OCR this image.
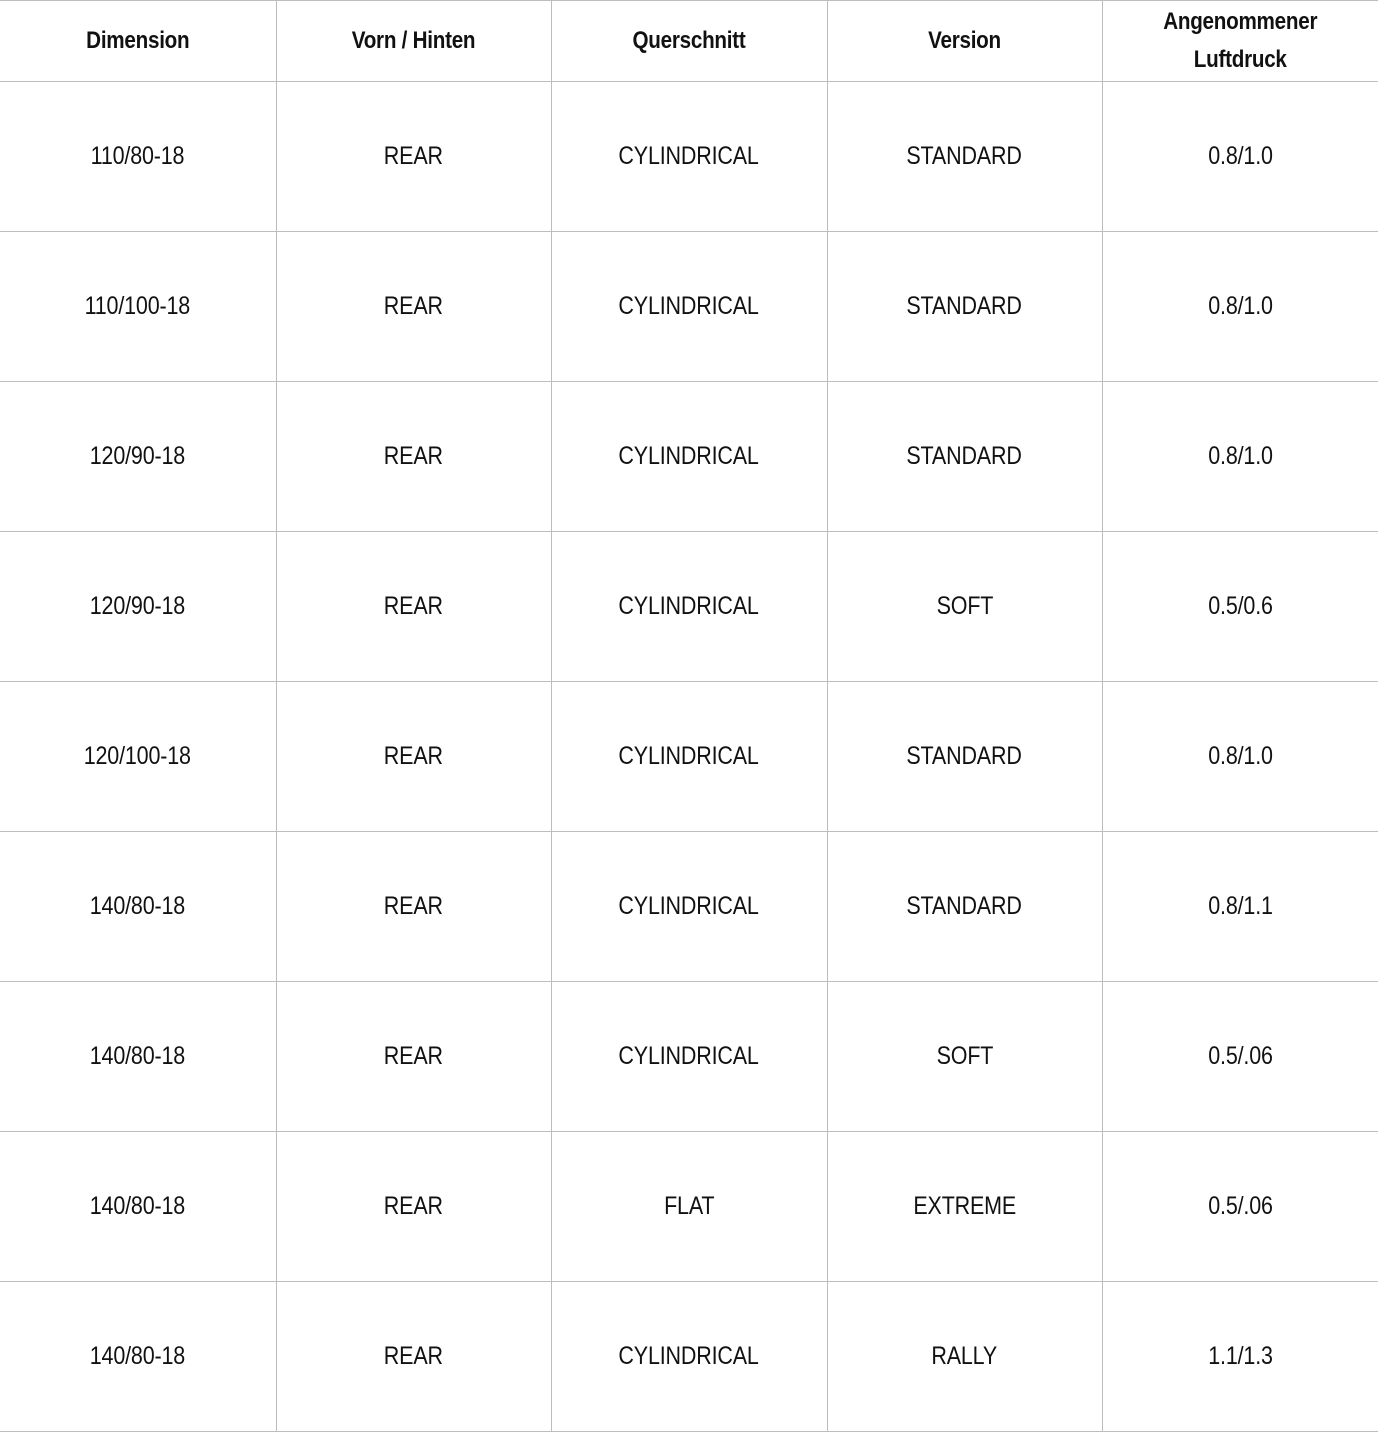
Dimension	Vorn / Hinten	Querschnitt	Version	Angenommener Luftdruck
110/80-18	REAR	CYLINDRICAL	STANDARD	0.8/1.0
110/100-18	REAR	CYLINDRICAL	STANDARD	0.8/1.0
120/90-18	REAR	CYLINDRICAL	STANDARD	0.8/1.0
120/90-18	REAR	CYLINDRICAL	SOFT	0.5/0.6
120/100-18	REAR	CYLINDRICAL	STANDARD	0.8/1.0
140/80-18	REAR	CYLINDRICAL	STANDARD	0.8/1.1
140/80-18	REAR	CYLINDRICAL	SOFT	0.5/.06
140/80-18	REAR	FLAT	EXTREME	0.5/.06
140/80-18	REAR	CYLINDRICAL	RALLY	1.1/1.3
